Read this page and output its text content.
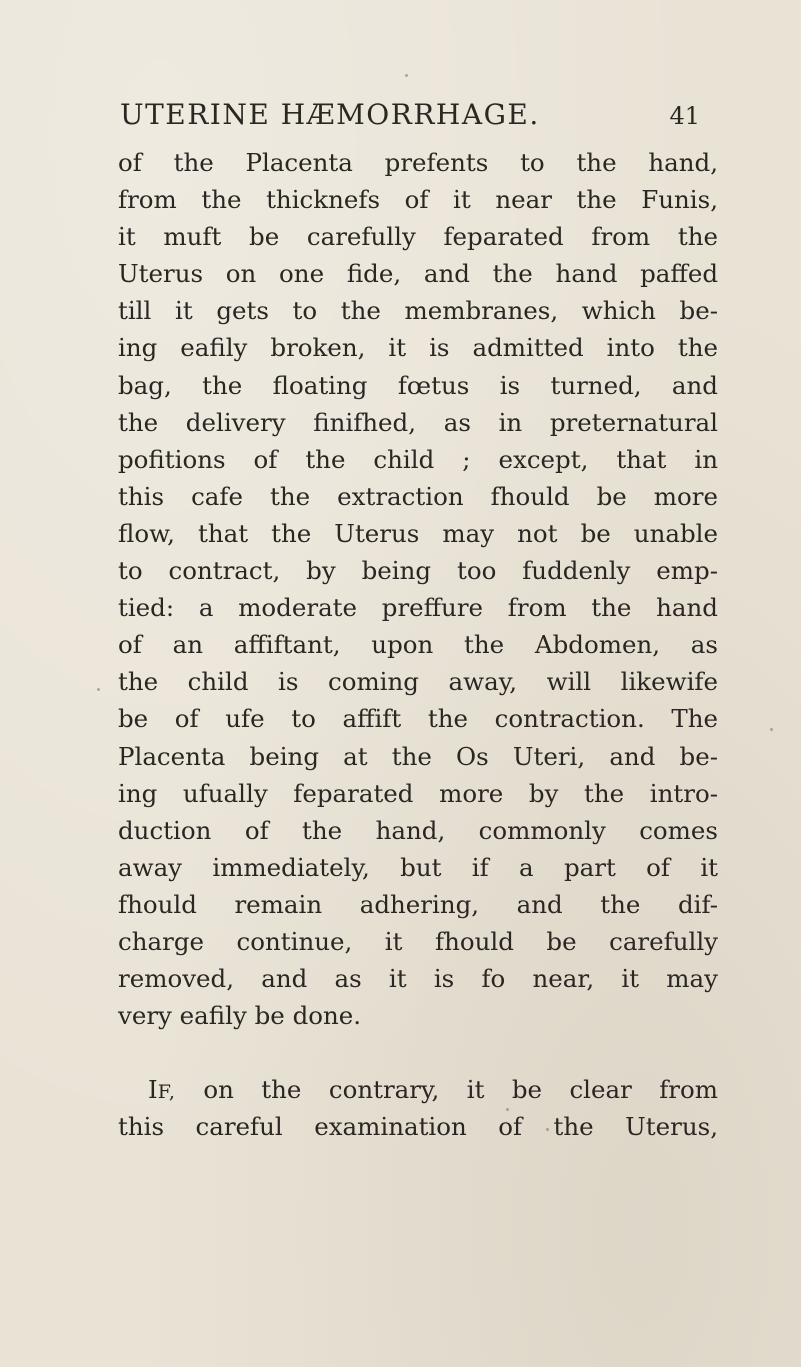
UTERINE HÆMORRHAGE.	41
of the Placenta prefents to the hand,
from the thicknefs of it near the Funis,
it muft be carefully feparated from the
Uterus on one fide, and the hand paffed
till it gets to the membranes, which be-
ing eafily broken, it is admitted into the
bag, the floating fœtus is turned, and
the delivery finifhed, as in preternatural
pofitions of the child ; except, that in
this cafe the extraction fhould be more
flow, that the Uterus may not be unable
to contract, by being too fuddenly emp-
tied: a moderate preffure from the hand
of an affiftant, upon the Abdomen, as
the child is coming away, will likewife
be of ufe to affift the contraction. The
Placenta being at the Os Uteri, and be-
ing ufually feparated more by the intro-
duction of the hand, commonly comes
away immediately, but if a part of it
fhould remain adhering, and the dif-
charge continue, it fhould be carefully
removed, and as it is fo near, it may
very eafily be done.
IF, on the contrary, it be clear from
this careful examination of the Uterus,
